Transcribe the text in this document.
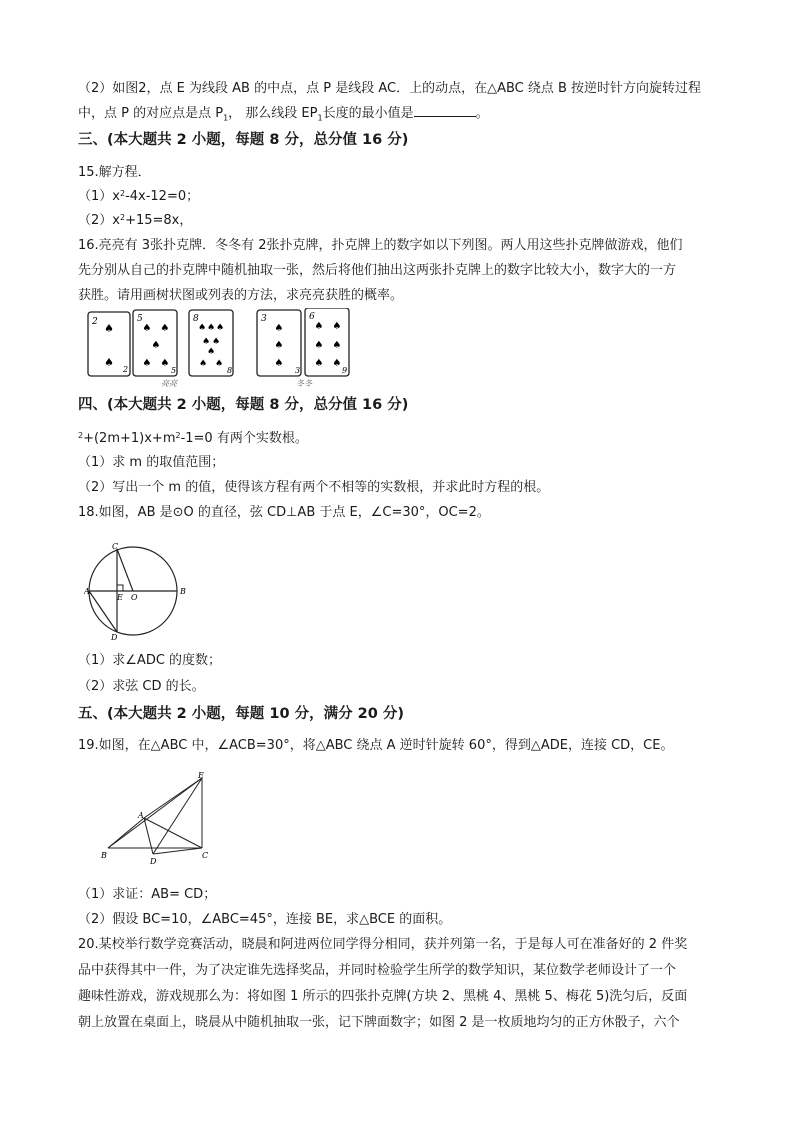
（2）如图2，点 E 为线段 AB 的中点，点 P 是线段 AC．上的动点，在△ABC 绕点 B 按逆时针方向旋转过程
中，点 P 的对应点是点 $P_1$， 那么线段 $EP_1$长度的最小值是	。
三、(本大题共 2 小题，每题 8 分，总分值 16 分)
15.解方程．
$(1)x^2-4x-12=0$；
$(2)x^2+15=8x$，
16.亮亮有 3张扑克牌．冬冬有 2张扑克牌，扑克牌上的数字如以下列图。两人用这些扑克牌做游戏，他们
先分别从自己的扑克牌中随机抽取一张，然后将他们抽出这两张扑克牌上的数字比较大小，数字大的一方
获胜。请用画树状图或列表的方法，求亮亮获胜的概率。
2 ♠
♠
2
5
♠ ♠
♠
♠ ♠
5
8
♠ ♠ ♠
♠ ♠
♠
♠ ♠
8
亮亮
3
♠
♠
♠
3
6
♠ ♠
♠ ♠
♠ ♠
9
冬冬
四、(本大题共 2 小题，每题 8 分，总分值 16 分)
$^2+(2m+1)x+m^2-1=0$ 有两个实数根。
（1）求 m 的取值范围；
（2）写出一个 m 的值，使得该方程有两个不相等的实数根，并求此时方程的根。
18.如图，AB 是⊙O 的直径，弦 CD⊥AB 于点 E，∠C=30°，OC=2。
C
A
E O
B
D
（1）求∠ADC 的度数；
（2）求弦 CD 的长。
五、(本大题共 2 小题，每题 10 分，满分 20 分)
19.如图，在△ABC 中，∠ACB=30°，将△ABC 绕点 A 逆时针旋转 60°，得到△ADE，连接 CD，CE。
E
A
B
D
C
（1）求证：AB= CD；
（2）假设 BC=10，∠ABC=45°，连接 BE，求△BCE 的面积。
20.某校举行数学竞赛活动，晓晨和阿进两位同学得分相同，获并列第一名，于是每人可在准备好的 2 件奖
品中获得其中一件，为了决定谁先选择奖品，并同时检验学生所学的数学知识，某位数学老师设计了一个
趣味性游戏，游戏规那么为：将如图 1 所示的四张扑克牌(方块 2、黑桃 4、黑桃 5、梅花 5)洗匀后，反面
朝上放置在桌面上，晓晨从中随机抽取一张，记下牌面数字；如图 2 是一枚质地均匀的正方休骰子，六个
